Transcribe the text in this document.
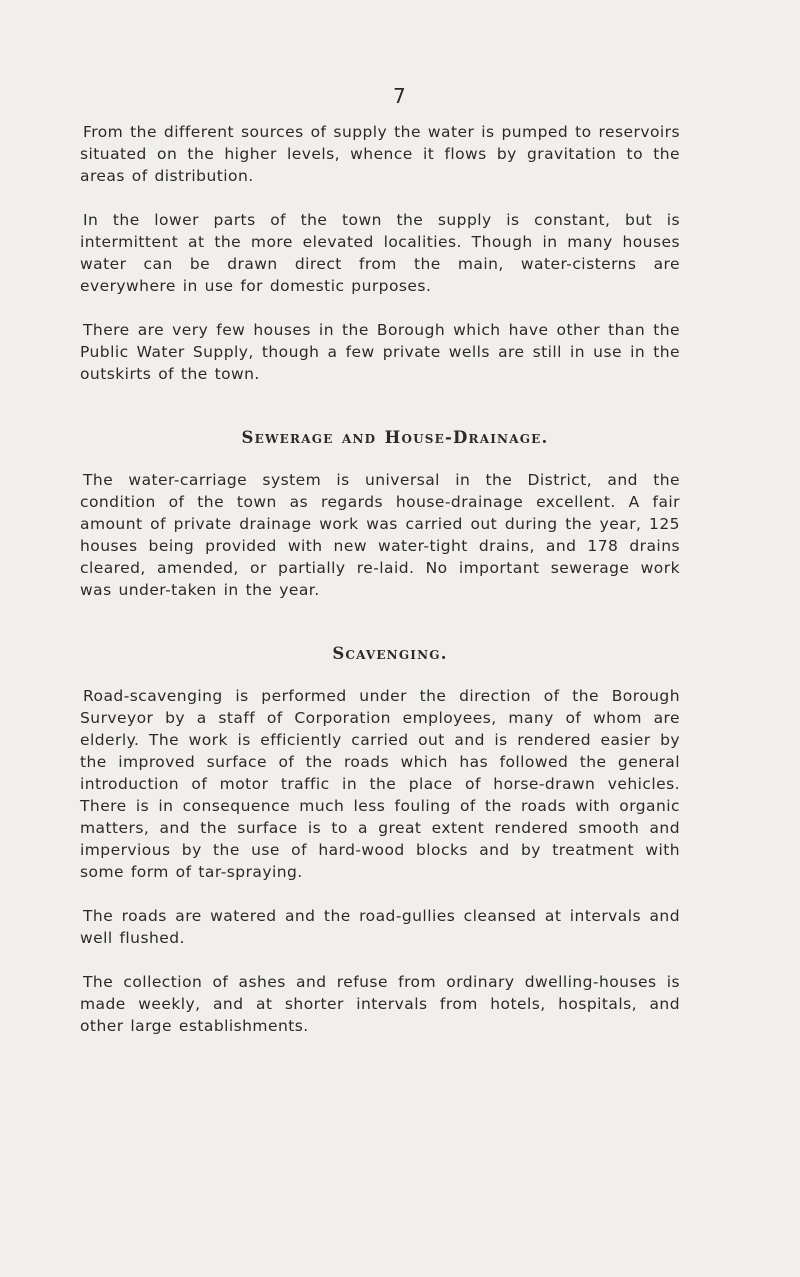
7

From the different sources of supply the water is pumped to reservoirs situated on the higher levels, whence it flows by gravitation to the areas of distribution.

In the lower parts of the town the supply is constant, but is intermittent at the more elevated localities. Though in many houses water can be drawn direct from the main, water-cisterns are everywhere in use for domestic purposes.

There are very few houses in the Borough which have other than the Public Water Supply, though a few private wells are still in use in the outskirts of the town.

Sewerage and House-Drainage.

The water-carriage system is universal in the District, and the condition of the town as regards house-drainage excellent. A fair amount of private drainage work was carried out during the year, 125 houses being provided with new water-tight drains, and 178 drains cleared, amended, or partially re-laid. No important sewerage work was under-taken in the year.

Scavenging.

Road-scavenging is performed under the direction of the Borough Surveyor by a staff of Corporation employees, many of whom are elderly. The work is efficiently carried out and is rendered easier by the improved surface of the roads which has followed the general introduction of motor traffic in the place of horse-drawn vehicles. There is in consequence much less fouling of the roads with organic matters, and the surface is to a great extent rendered smooth and impervious by the use of hard-wood blocks and by treatment with some form of tar-spraying.

The roads are watered and the road-gullies cleansed at intervals and well flushed.

The collection of ashes and refuse from ordinary dwelling-houses is made weekly, and at shorter intervals from hotels, hospitals, and other large establishments.
